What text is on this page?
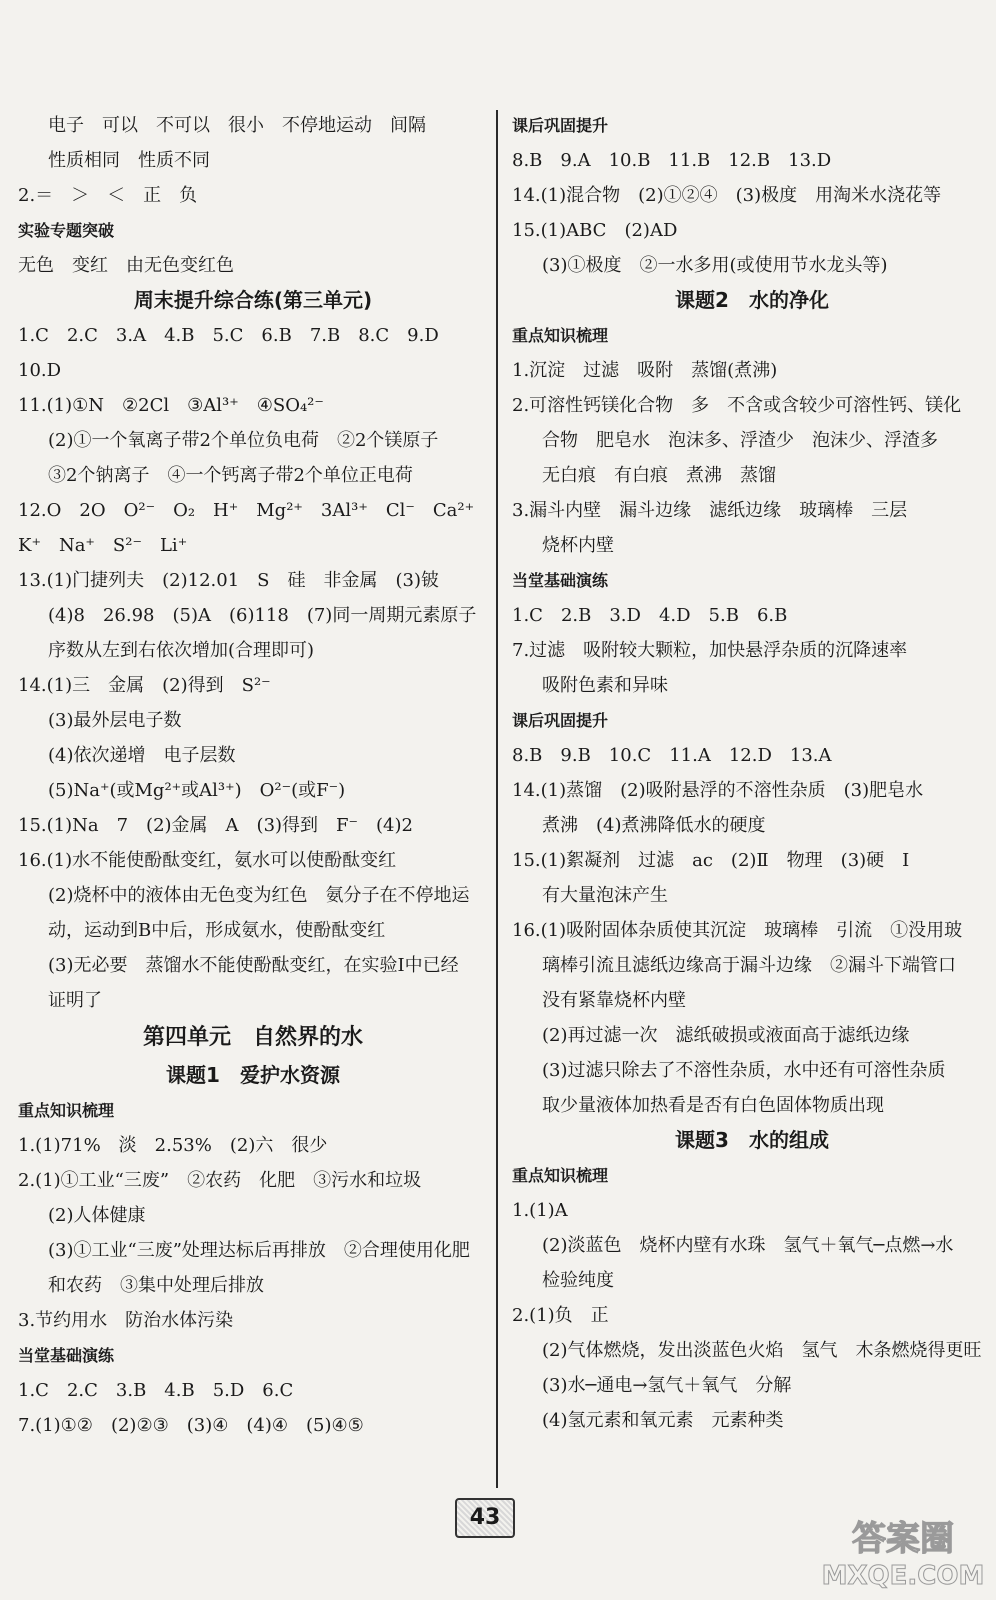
电子　可以　不可以　很小　不停地运动　间隔
性质相同　性质不同
2.＝　＞　＜　正　负
实验专题突破
无色　变红　由无色变红色
周末提升综合练(第三单元)
1.C　2.C　3.A　4.B　5.C　6.B　7.B　8.C　9.D
10.D
11.(1)①N　②2Cl　③Al³⁺　④SO₄²⁻
(2)①一个氧离子带2个单位负电荷　②2个镁原子
③2个钠离子　④一个钙离子带2个单位正电荷
12.O　2O　O²⁻　O₂　H⁺　Mg²⁺　3Al³⁺　Cl⁻　Ca²⁺
K⁺　Na⁺　S²⁻　Li⁺
13.(1)门捷列夫　(2)12.01　S　硅　非金属　(3)铍
(4)8　26.98　(5)A　(6)118　(7)同一周期元素原子
序数从左到右依次增加(合理即可)
14.(1)三　金属　(2)得到　S²⁻
(3)最外层电子数
(4)依次递增　电子层数
(5)Na⁺(或Mg²⁺或Al³⁺)　O²⁻(或F⁻)
15.(1)Na　7　(2)金属　A　(3)得到　F⁻　(4)2
16.(1)水不能使酚酞变红，氨水可以使酚酞变红
(2)烧杯中的液体由无色变为红色　氨分子在不停地运
动，运动到B中后，形成氨水，使酚酞变红
(3)无必要　蒸馏水不能使酚酞变红，在实验Ⅰ中已经
证明了
第四单元　自然界的水
课题1　爱护水资源
重点知识梳理
1.(1)71%　淡　2.53%　(2)六　很少
2.(1)①工业“三废”　②农药　化肥　③污水和垃圾
(2)人体健康
(3)①工业“三废”处理达标后再排放　②合理使用化肥
和农药　③集中处理后排放
3.节约用水　防治水体污染
当堂基础演练
1.C　2.C　3.B　4.B　5.D　6.C
7.(1)①②　(2)②③　(3)④　(4)④　(5)④⑤
课后巩固提升
8.B　9.A　10.B　11.B　12.B　13.D
14.(1)混合物　(2)①②④　(3)极度　用淘米水浇花等
15.(1)ABC　(2)AD
(3)①极度　②一水多用(或使用节水龙头等)
课题2　水的净化
重点知识梳理
1.沉淀　过滤　吸附　蒸馏(煮沸)
2.可溶性钙镁化合物　多　不含或含较少可溶性钙、镁化
合物　肥皂水　泡沫多、浮渣少　泡沫少、浮渣多
无白痕　有白痕　煮沸　蒸馏
3.漏斗内壁　漏斗边缘　滤纸边缘　玻璃棒　三层
烧杯内壁
当堂基础演练
1.C　2.B　3.D　4.D　5.B　6.B
7.过滤　吸附较大颗粒，加快悬浮杂质的沉降速率
吸附色素和异味
课后巩固提升
8.B　9.B　10.C　11.A　12.D　13.A
14.(1)蒸馏　(2)吸附悬浮的不溶性杂质　(3)肥皂水
煮沸　(4)煮沸降低水的硬度
15.(1)絮凝剂　过滤　ac　(2)Ⅱ　物理　(3)硬　Ⅰ
有大量泡沫产生
16.(1)吸附固体杂质使其沉淀　玻璃棒　引流　①没用玻
璃棒引流且滤纸边缘高于漏斗边缘　②漏斗下端管口
没有紧靠烧杯内壁
(2)再过滤一次　滤纸破损或液面高于滤纸边缘
(3)过滤只除去了不溶性杂质，水中还有可溶性杂质
取少量液体加热看是否有白色固体物质出现
课题3　水的组成
重点知识梳理
1.(1)A
(2)淡蓝色　烧杯内壁有水珠　氢气＋氧气─点燃→水
检验纯度
2.(1)负　正
(2)气体燃烧，发出淡蓝色火焰　氢气　木条燃烧得更旺
(3)水─通电→氢气＋氧气　分解
(4)氢元素和氧元素　元素种类
43
答案圈
MXQE.COM
